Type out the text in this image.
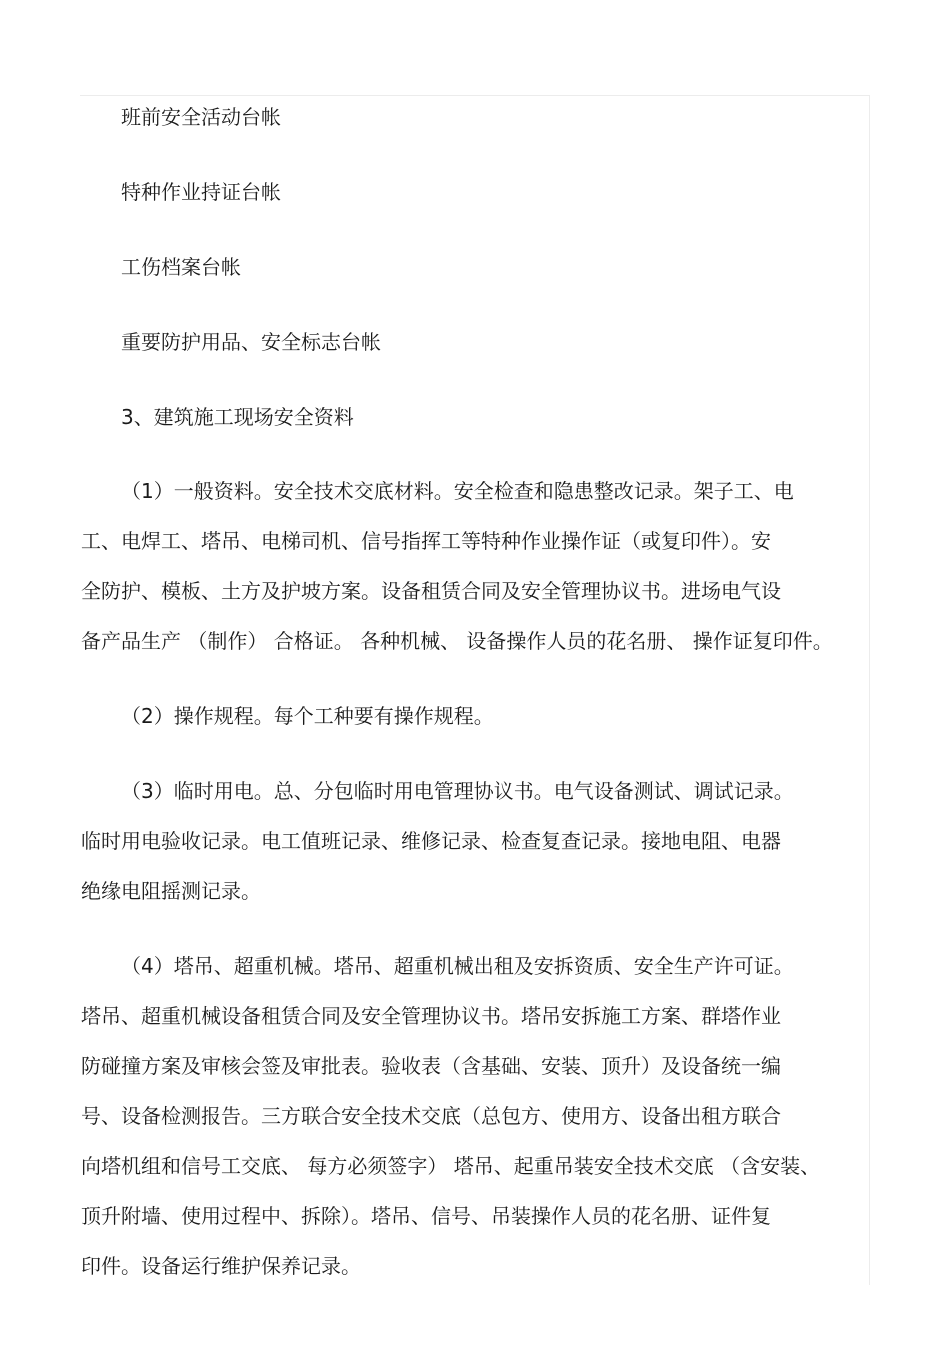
班前安全活动台帐

特种作业持证台帐

工伤档案台帐

重要防护用品、安全标志台帐

3、建筑施工现场安全资料

（1）一般资料。安全技术交底材料。安全检查和隐患整改记录。架子工、电

工、电焊工、塔吊、电梯司机、信号指挥工等特种作业操作证（或复印件）。安

全防护、模板、土方及护坡方案。设备租赁合同及安全管理协议书。进场电气设

备产品生产 （制作） 合格证。 各种机械、 设备操作人员的花名册、 操作证复印件。

（2）操作规程。每个工种要有操作规程。

（3）临时用电。总、分包临时用电管理协议书。电气设备测试、调试记录。

临时用电验收记录。电工值班记录、维修记录、检查复查记录。接地电阻、电器

绝缘电阻摇测记录。

（4）塔吊、超重机械。塔吊、超重机械出租及安拆资质、安全生产许可证。

塔吊、超重机械设备租赁合同及安全管理协议书。塔吊安拆施工方案、群塔作业

防碰撞方案及审核会签及审批表。验收表（含基础、安装、顶升）及设备统一编

号、设备检测报告。三方联合安全技术交底（总包方、使用方、设备出租方联合

向塔机组和信号工交底、 每方必须签字） 塔吊、起重吊装安全技术交底 （含安装、

顶升附墙、使用过程中、拆除）。塔吊、信号、吊装操作人员的花名册、证件复

印件。设备运行维护保养记录。
